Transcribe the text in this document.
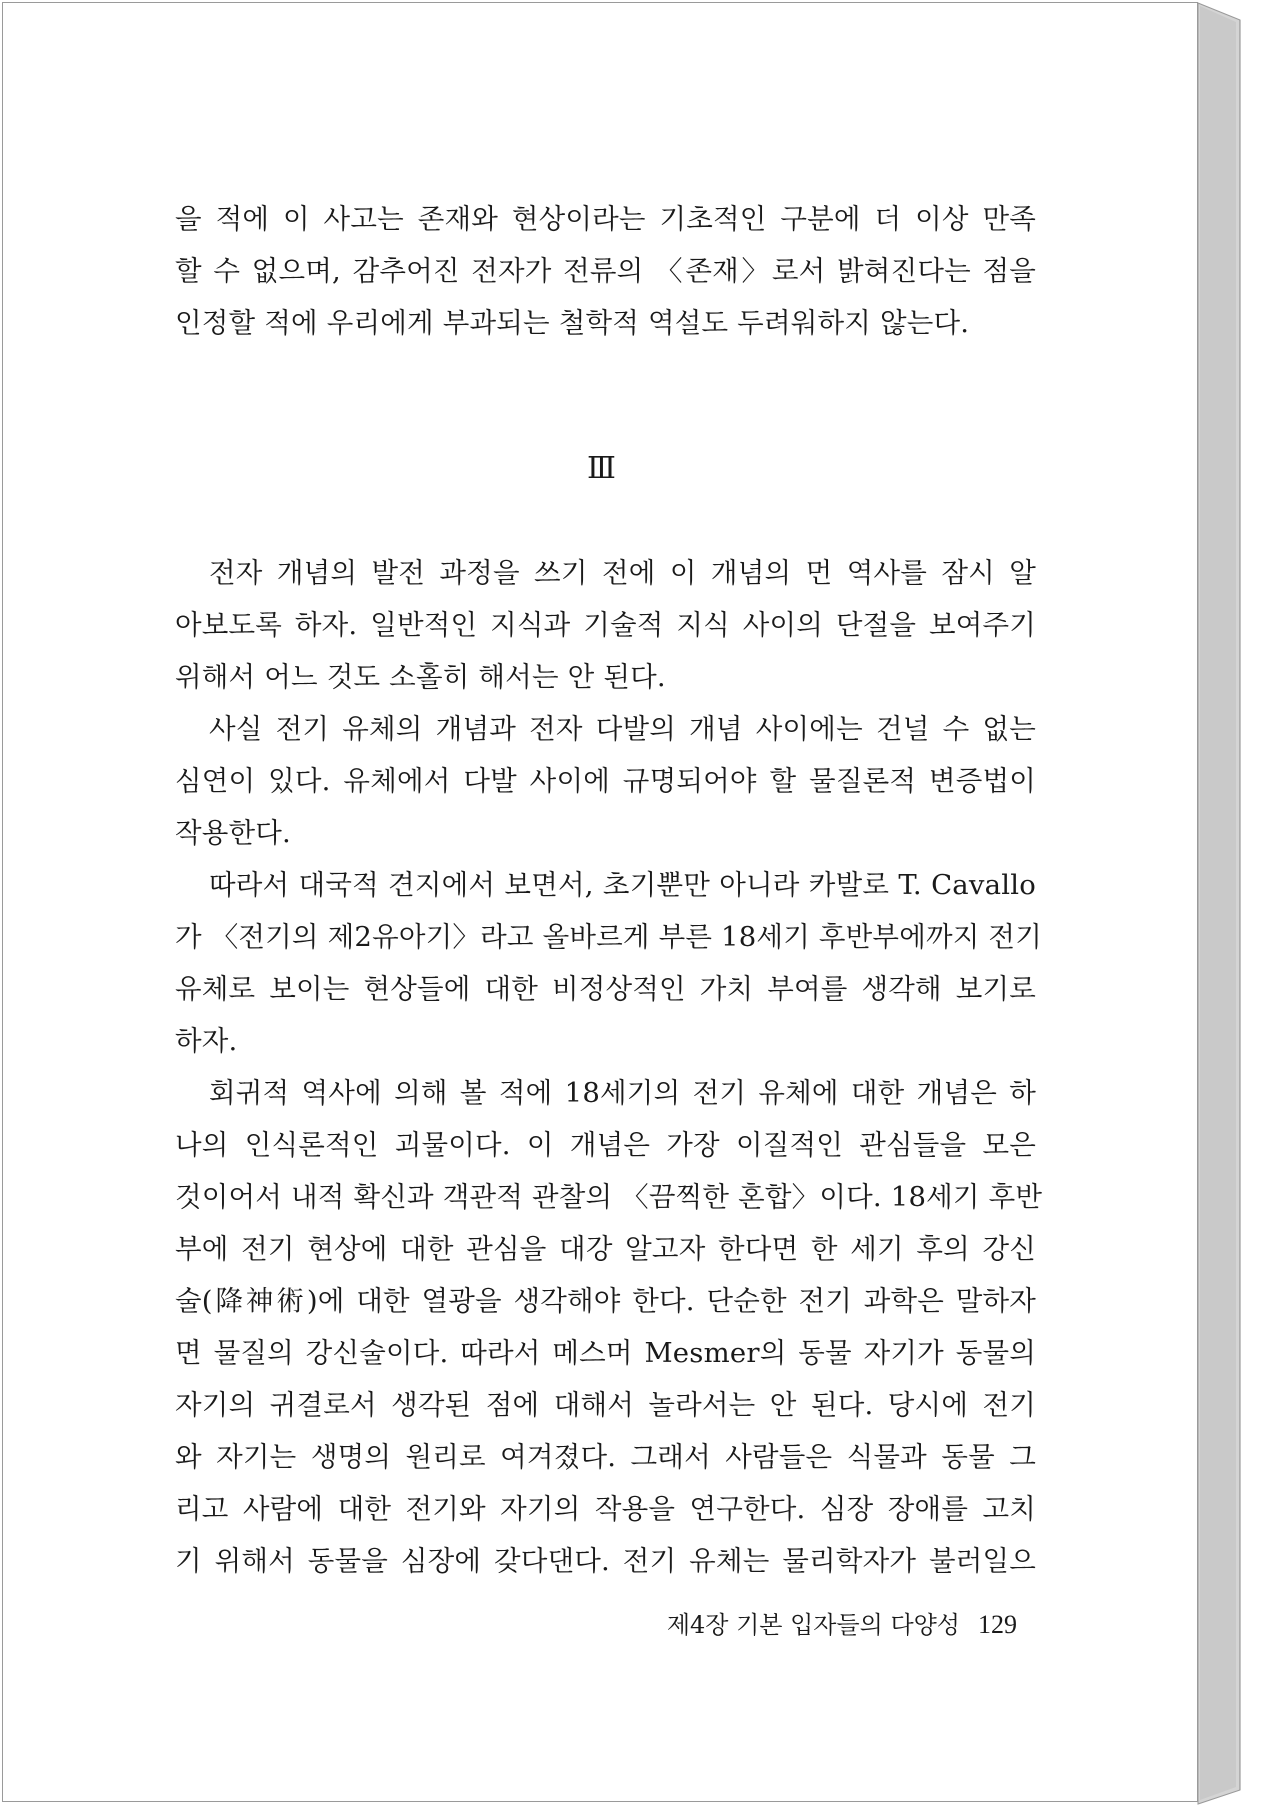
을 적에 이 사고는 존재와 현상이라는 기초적인 구분에 더 이상 만족
할 수 없으며, 감추어진 전자가 전류의 〈존재〉로서 밝혀진다는 점을
인정할 적에 우리에게 부과되는 철학적 역설도 두려워하지 않는다.
Ⅲ
전자 개념의 발전 과정을 쓰기 전에 이 개념의 먼 역사를 잠시 알
아보도록 하자. 일반적인 지식과 기술적 지식 사이의 단절을 보여주기
위해서 어느 것도 소홀히 해서는 안 된다.
사실 전기 유체의 개념과 전자 다발의 개념 사이에는 건널 수 없는
심연이 있다. 유체에서 다발 사이에 규명되어야 할 물질론적 변증법이
작용한다.
따라서 대국적 견지에서 보면서, 초기뿐만 아니라 카발로 T. Cavallo
가 〈전기의 제2유아기〉라고 올바르게 부른 18세기 후반부에까지 전기
유체로 보이는 현상들에 대한 비정상적인 가치 부여를 생각해 보기로
하자.
회귀적 역사에 의해 볼 적에 18세기의 전기 유체에 대한 개념은 하
나의 인식론적인 괴물이다. 이 개념은 가장 이질적인 관심들을 모은
것이어서 내적 확신과 객관적 관찰의 〈끔찍한 혼합〉이다. 18세기 후반
부에 전기 현상에 대한 관심을 대강 알고자 한다면 한 세기 후의 강신
술(降神術)에 대한 열광을 생각해야 한다. 단순한 전기 과학은 말하자
면 물질의 강신술이다. 따라서 메스머 Mesmer의 동물 자기가 동물의
자기의 귀결로서 생각된 점에 대해서 놀라서는 안 된다. 당시에 전기
와 자기는 생명의 원리로 여겨졌다. 그래서 사람들은 식물과 동물 그
리고 사람에 대한 전기와 자기의 작용을 연구한다. 심장 장애를 고치
기 위해서 동물을 심장에 갖다댄다. 전기 유체는 물리학자가 불러일으
제4장 기본 입자들의 다양성 129
